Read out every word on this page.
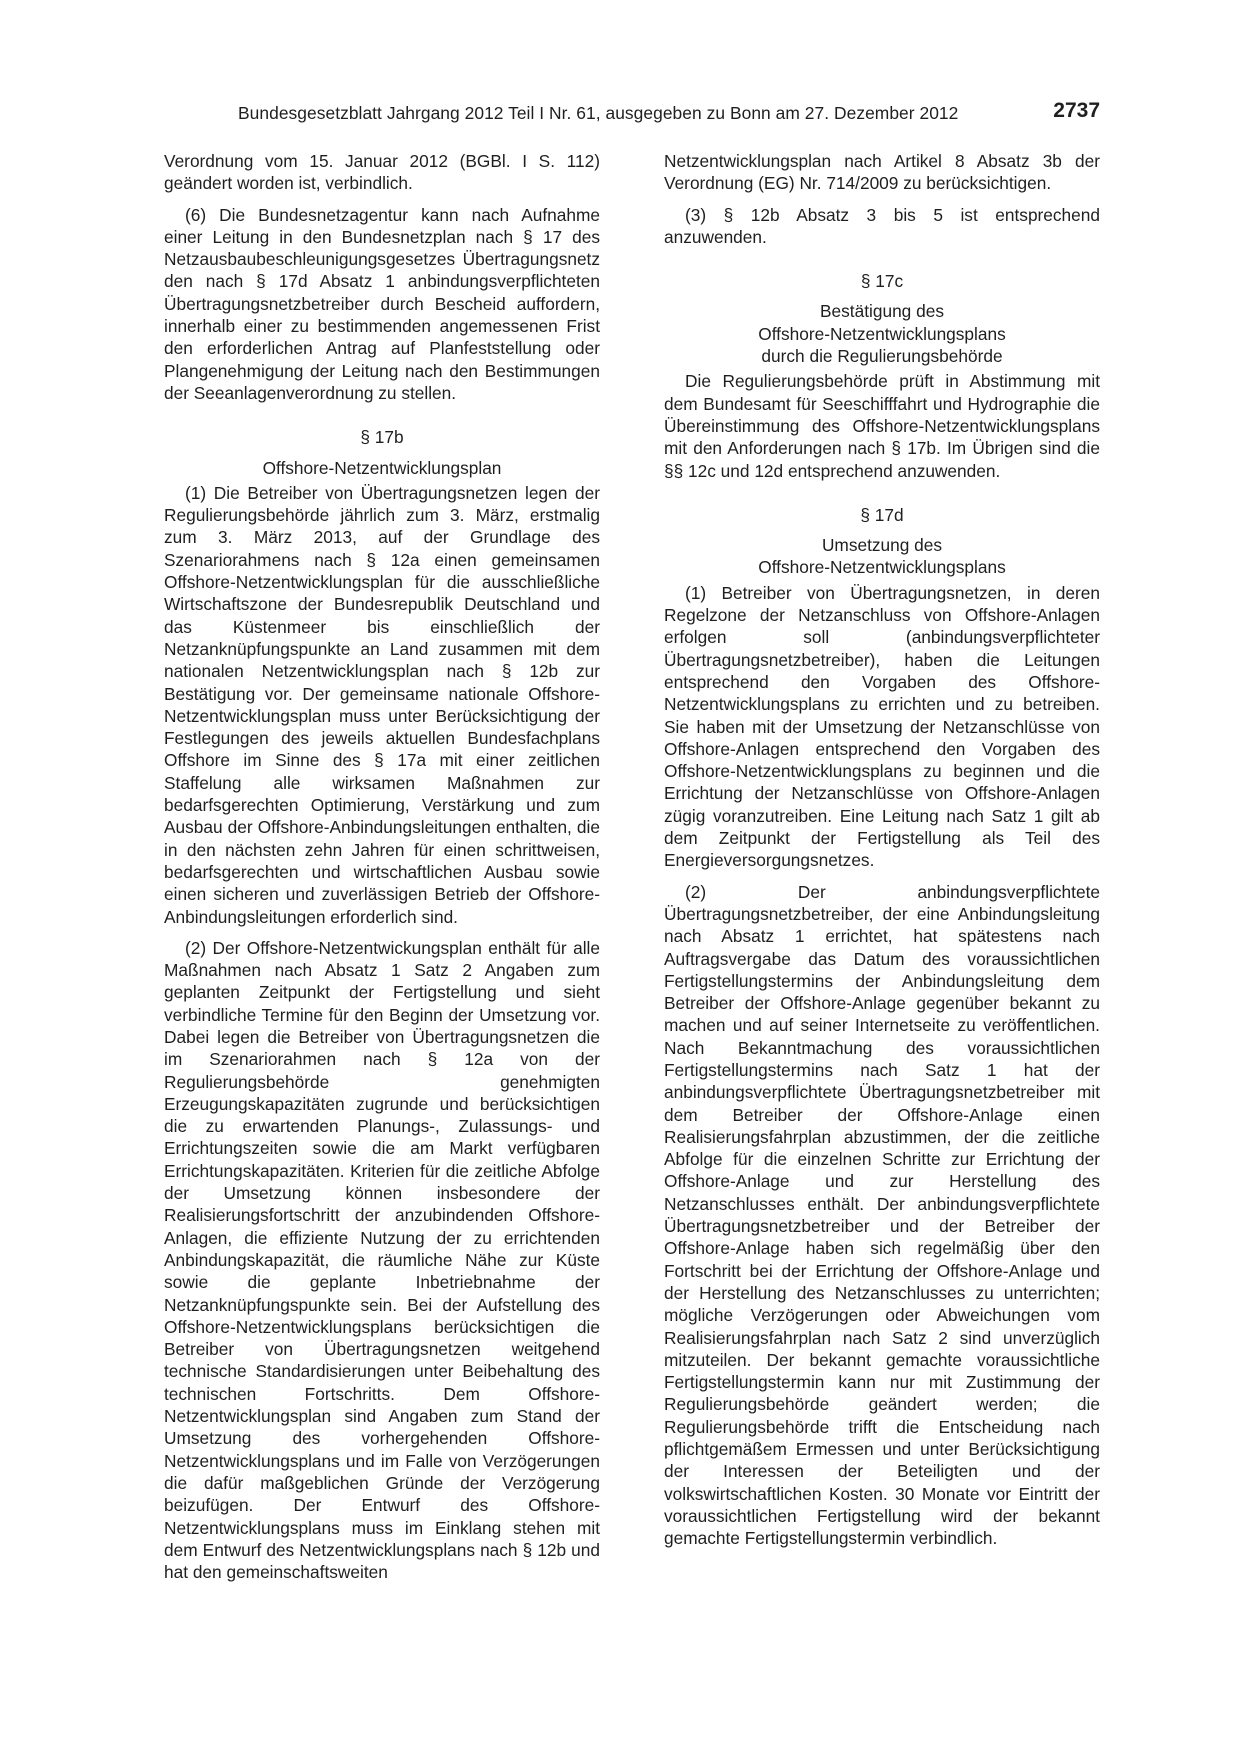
Bundesgesetzblatt Jahrgang 2012 Teil I Nr. 61, ausgegeben zu Bonn am 27. Dezember 2012	2737

Verordnung vom 15. Januar 2012 (BGBl. I S. 112) geändert worden ist, verbindlich.

(6) Die Bundesnetzagentur kann nach Aufnahme einer Leitung in den Bundesnetzplan nach § 17 des Netzausbaubeschleunigungsgesetzes Übertragungsnetz den nach § 17d Absatz 1 anbindungsverpflichteten Übertragungsnetzbetreiber durch Bescheid auffordern, innerhalb einer zu bestimmenden angemessenen Frist den erforderlichen Antrag auf Planfeststellung oder Plangenehmigung der Leitung nach den Bestimmungen der Seeanlagenverordnung zu stellen.

§ 17b
Offshore-Netzentwicklungsplan

(1) Die Betreiber von Übertragungsnetzen legen der Regulierungsbehörde jährlich zum 3. März, erstmalig zum 3. März 2013, auf der Grundlage des Szenariorahmens nach § 12a einen gemeinsamen Offshore-Netzentwicklungsplan für die ausschließliche Wirtschaftszone der Bundesrepublik Deutschland und das Küstenmeer bis einschließlich der Netzanknüpfungspunkte an Land zusammen mit dem nationalen Netzentwicklungsplan nach § 12b zur Bestätigung vor. Der gemeinsame nationale Offshore-Netzentwicklungsplan muss unter Berücksichtigung der Festlegungen des jeweils aktuellen Bundesfachplans Offshore im Sinne des § 17a mit einer zeitlichen Staffelung alle wirksamen Maßnahmen zur bedarfsgerechten Optimierung, Verstärkung und zum Ausbau der Offshore-Anbindungsleitungen enthalten, die in den nächsten zehn Jahren für einen schrittweisen, bedarfsgerechten und wirtschaftlichen Ausbau sowie einen sicheren und zuverlässigen Betrieb der Offshore-Anbindungsleitungen erforderlich sind.

(2) Der Offshore-Netzentwickungsplan enthält für alle Maßnahmen nach Absatz 1 Satz 2 Angaben zum geplanten Zeitpunkt der Fertigstellung und sieht verbindliche Termine für den Beginn der Umsetzung vor. Dabei legen die Betreiber von Übertragungsnetzen die im Szenariorahmen nach § 12a von der Regulierungsbehörde genehmigten Erzeugungskapazitäten zugrunde und berücksichtigen die zu erwartenden Planungs-, Zulassungs- und Errichtungszeiten sowie die am Markt verfügbaren Errichtungskapazitäten. Kriterien für die zeitliche Abfolge der Umsetzung können insbesondere der Realisierungsfortschritt der anzubindenden Offshore-Anlagen, die effiziente Nutzung der zu errichtenden Anbindungskapazität, die räumliche Nähe zur Küste sowie die geplante Inbetriebnahme der Netzanknüpfungspunkte sein. Bei der Aufstellung des Offshore-Netzentwicklungsplans berücksichtigen die Betreiber von Übertragungsnetzen weitgehend technische Standardisierungen unter Beibehaltung des technischen Fortschritts. Dem Offshore-Netzentwicklungsplan sind Angaben zum Stand der Umsetzung des vorhergehenden Offshore-Netzentwicklungsplans und im Falle von Verzögerungen die dafür maßgeblichen Gründe der Verzögerung beizufügen. Der Entwurf des Offshore-Netzentwicklungsplans muss im Einklang stehen mit dem Entwurf des Netzentwicklungsplans nach § 12b und hat den gemeinschaftsweiten

Netzentwicklungsplan nach Artikel 8 Absatz 3b der Verordnung (EG) Nr. 714/2009 zu berücksichtigen.

(3) § 12b Absatz 3 bis 5 ist entsprechend anzuwenden.

§ 17c
Bestätigung des
Offshore-Netzentwicklungsplans
durch die Regulierungsbehörde

Die Regulierungsbehörde prüft in Abstimmung mit dem Bundesamt für Seeschifffahrt und Hydrographie die Übereinstimmung des Offshore-Netzentwicklungsplans mit den Anforderungen nach § 17b. Im Übrigen sind die §§ 12c und 12d entsprechend anzuwenden.

§ 17d
Umsetzung des
Offshore-Netzentwicklungsplans

(1) Betreiber von Übertragungsnetzen, in deren Regelzone der Netzanschluss von Offshore-Anlagen erfolgen soll (anbindungsverpflichteter Übertragungsnetzbetreiber), haben die Leitungen entsprechend den Vorgaben des Offshore-Netzentwicklungsplans zu errichten und zu betreiben. Sie haben mit der Umsetzung der Netzanschlüsse von Offshore-Anlagen entsprechend den Vorgaben des Offshore-Netzentwicklungsplans zu beginnen und die Errichtung der Netzanschlüsse von Offshore-Anlagen zügig voranzutreiben. Eine Leitung nach Satz 1 gilt ab dem Zeitpunkt der Fertigstellung als Teil des Energieversorgungsnetzes.

(2) Der anbindungsverpflichtete Übertragungsnetzbetreiber, der eine Anbindungsleitung nach Absatz 1 errichtet, hat spätestens nach Auftragsvergabe das Datum des voraussichtlichen Fertigstellungstermins der Anbindungsleitung dem Betreiber der Offshore-Anlage gegenüber bekannt zu machen und auf seiner Internetseite zu veröffentlichen. Nach Bekanntmachung des voraussichtlichen Fertigstellungstermins nach Satz 1 hat der anbindungsverpflichtete Übertragungsnetzbetreiber mit dem Betreiber der Offshore-Anlage einen Realisierungsfahrplan abzustimmen, der die zeitliche Abfolge für die einzelnen Schritte zur Errichtung der Offshore-Anlage und zur Herstellung des Netzanschlusses enthält. Der anbindungsverpflichtete Übertragungsnetzbetreiber und der Betreiber der Offshore-Anlage haben sich regelmäßig über den Fortschritt bei der Errichtung der Offshore-Anlage und der Herstellung des Netzanschlusses zu unterrichten; mögliche Verzögerungen oder Abweichungen vom Realisierungsfahrplan nach Satz 2 sind unverzüglich mitzuteilen. Der bekannt gemachte voraussichtliche Fertigstellungstermin kann nur mit Zustimmung der Regulierungsbehörde geändert werden; die Regulierungsbehörde trifft die Entscheidung nach pflichtgemäßem Ermessen und unter Berücksichtigung der Interessen der Beteiligten und der volkswirtschaftlichen Kosten. 30 Monate vor Eintritt der voraussichtlichen Fertigstellung wird der bekannt gemachte Fertigstellungstermin verbindlich.
